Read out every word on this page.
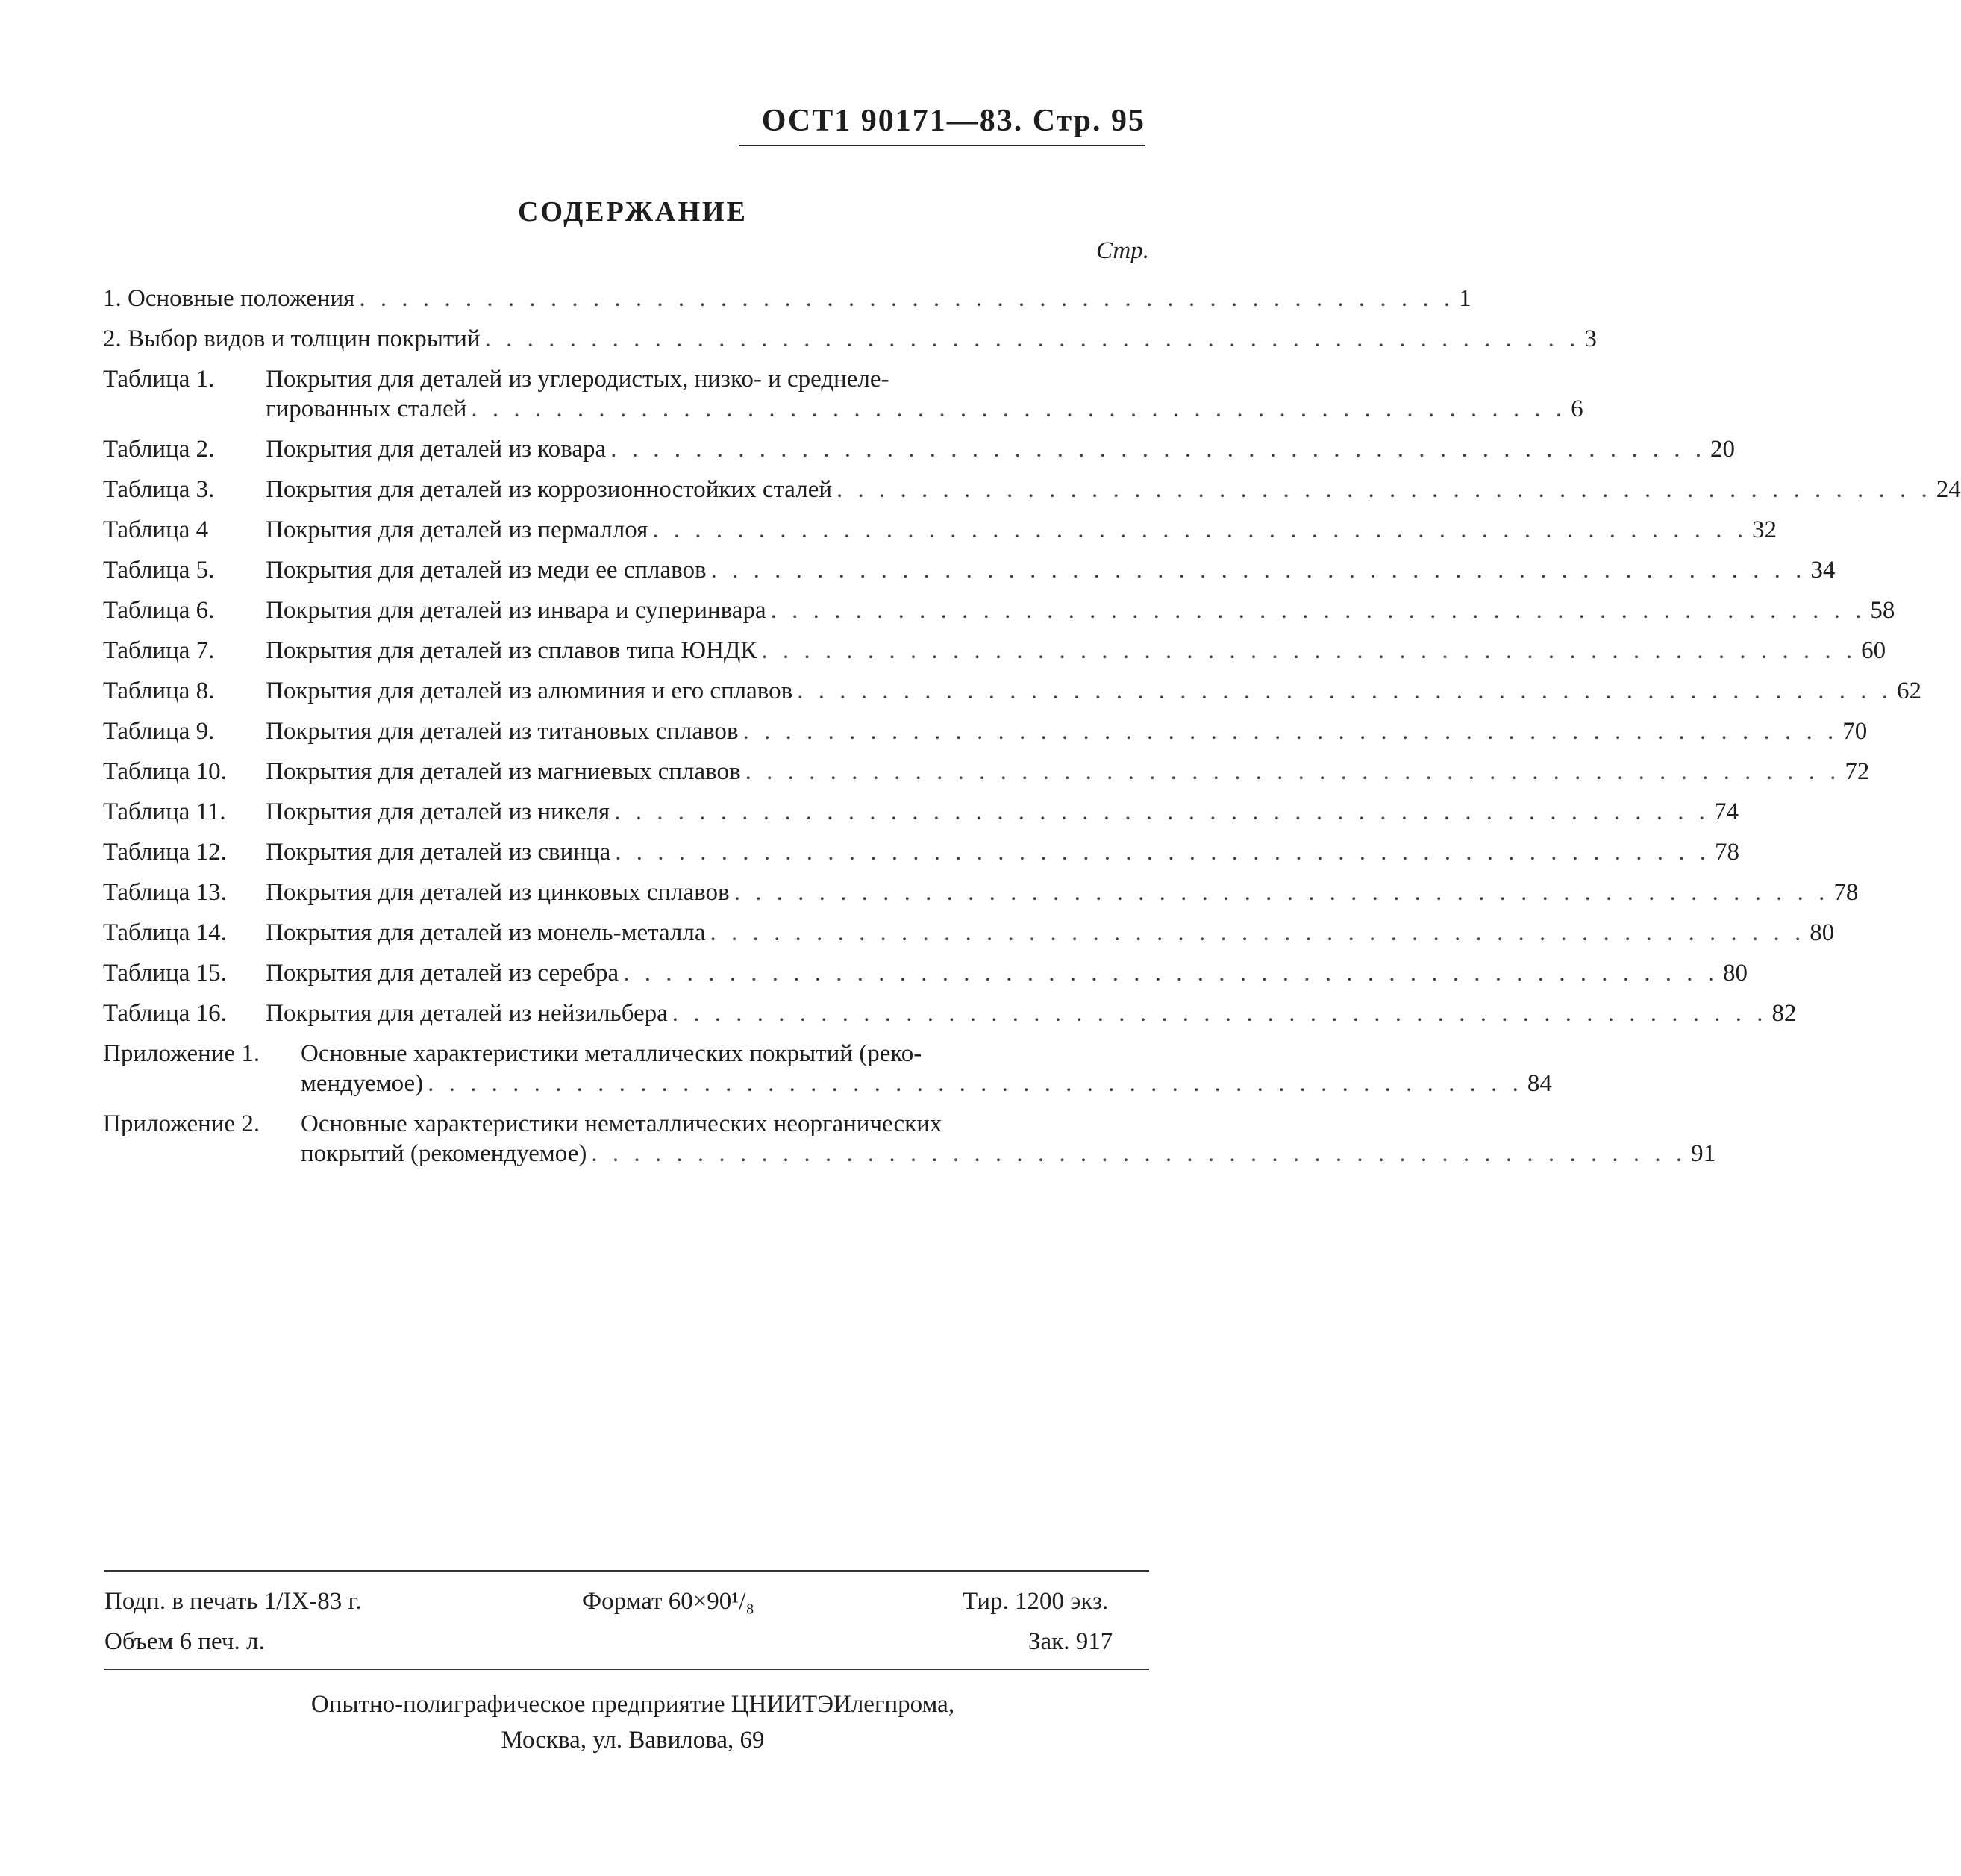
ОСТ1 90171—83. Стр. 95
СОДЕРЖАНИЕ
Стр.
1. Основные положения . . . . . . . . . . . . . . . . . . . . . . . . . . . . . . . . . . . . . . . . . . . . . . . . . . . . 1
2. Выбор видов и толщин покрытий . . . . . . . . . . . . . . . . . . . . . . . . . . . . . . . . . . . . . . . . . . . . . . . . . . . . 3
Таблица 1. Покрытия для деталей из углеродистых, низко- и среднеле-
гированных сталей . . . . . . . . . . . . . . . . . . . . . . . . . . . . . . . . . . . . . . . . . . . . . . . . . . . . 6
Таблица 2. Покрытия для деталей из ковара . . . . . . . . . . . . . . . . . . . . . . . . . . . . . . . . . . . . . . . . . . . . . . . . . . . . 20
Таблица 3. Покрытия для деталей из коррозионностойких сталей . . . . . . . . . . . . . . . . . . . . . . . . . . . . . . . . . . . . . . . . . . . . . . . . . . . . 24
Таблица 4 Покрытия для деталей из пермаллоя . . . . . . . . . . . . . . . . . . . . . . . . . . . . . . . . . . . . . . . . . . . . . . . . . . . . 32
Таблица 5. Покрытия для деталей из меди ее сплавов . . . . . . . . . . . . . . . . . . . . . . . . . . . . . . . . . . . . . . . . . . . . . . . . . . . . 34
Таблица 6. Покрытия для деталей из инвара и суперинвара . . . . . . . . . . . . . . . . . . . . . . . . . . . . . . . . . . . . . . . . . . . . . . . . . . . . 58
Таблица 7. Покрытия для деталей из сплавов типа ЮНДК . . . . . . . . . . . . . . . . . . . . . . . . . . . . . . . . . . . . . . . . . . . . . . . . . . . . 60
Таблица 8. Покрытия для деталей из алюминия и его сплавов . . . . . . . . . . . . . . . . . . . . . . . . . . . . . . . . . . . . . . . . . . . . . . . . . . . . 62
Таблица 9. Покрытия для деталей из титановых сплавов . . . . . . . . . . . . . . . . . . . . . . . . . . . . . . . . . . . . . . . . . . . . . . . . . . . . 70
Таблица 10. Покрытия для деталей из магниевых сплавов . . . . . . . . . . . . . . . . . . . . . . . . . . . . . . . . . . . . . . . . . . . . . . . . . . . . 72
Таблица 11. Покрытия для деталей из никеля . . . . . . . . . . . . . . . . . . . . . . . . . . . . . . . . . . . . . . . . . . . . . . . . . . . . 74
Таблица 12. Покрытия для деталей из свинца . . . . . . . . . . . . . . . . . . . . . . . . . . . . . . . . . . . . . . . . . . . . . . . . . . . . 78
Таблица 13. Покрытия для деталей из цинковых сплавов . . . . . . . . . . . . . . . . . . . . . . . . . . . . . . . . . . . . . . . . . . . . . . . . . . . . 78
Таблица 14. Покрытия для деталей из монель-металла . . . . . . . . . . . . . . . . . . . . . . . . . . . . . . . . . . . . . . . . . . . . . . . . . . . . 80
Таблица 15. Покрытия для деталей из серебра . . . . . . . . . . . . . . . . . . . . . . . . . . . . . . . . . . . . . . . . . . . . . . . . . . . . 80
Таблица 16. Покрытия для деталей из нейзильбера . . . . . . . . . . . . . . . . . . . . . . . . . . . . . . . . . . . . . . . . . . . . . . . . . . . . 82
Приложение 1. Основные характеристики металлических покрытий (реко-
мендуемое) . . . . . . . . . . . . . . . . . . . . . . . . . . . . . . . . . . . . . . . . . . . . . . . . . . . . 84
Приложение 2. Основные характеристики неметаллических неорганических
покрытий (рекомендуемое) . . . . . . . . . . . . . . . . . . . . . . . . . . . . . . . . . . . . . . . . . . . . . . . . . . . . 91
Подп. в печать 1/IX-83 г.	Формат 60×90¹/₈	Тир. 1200 экз.
Объем 6 печ. л.	Зак. 917
Опытно-полиграфическое предприятие ЦНИИТЭИлегпрома,
Москва, ул. Вавилова, 69
